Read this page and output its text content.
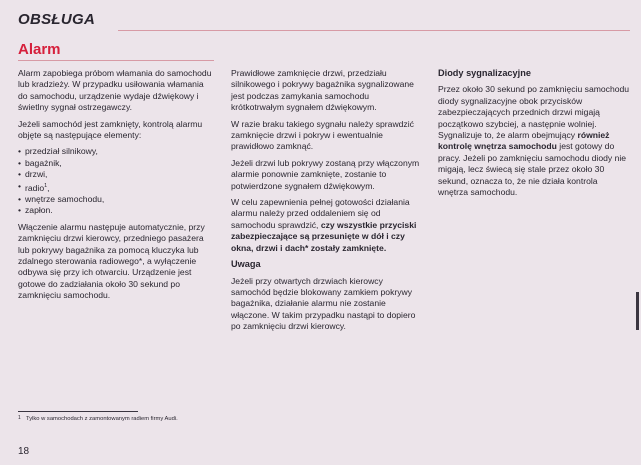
OBSŁUGA
Alarm

Alarm zapobiega próbom włamania do samochodu lub kradzieży. W przypadku usiłowania włamania do samochodu, urządzenie wydaje dźwiękowy i świetlny sygnał ostrzegawczy.

Jeżeli samochód jest zamknięty, kontrolą alarmu objęte są następujące elementy:

• przedział silnikowy,
• bagażnik,
• drzwi,
• radio$^1$,
• wnętrze samochodu,
• zapłon.

Włączenie alarmu następuje automatycznie, przy zamknięciu drzwi kierowcy, przedniego pasażera lub pokrywy bagażnika za pomocą kluczyka lub zdalnego sterowania radiowego*, a wyłączenie odbywa się przy ich otwarciu. Urządzenie jest gotowe do zadziałania około 30 sekund po zamknięciu samochodu.

Prawidłowe zamknięcie drzwi, przedziału silnikowego i pokrywy bagażnika sygnalizowane jest podczas zamykania samochodu krótkotrwałym sygnałem dźwiękowym.

W razie braku takiego sygnału należy sprawdzić zamknięcie drzwi i pokryw i ewentualnie prawidłowo zamknąć.

Jeżeli drzwi lub pokrywy zostaną przy włączonym alarmie ponownie zamknięte, zostanie to potwierdzone sygnałem dźwiękowym.

W celu zapewnienia pełnej gotowości działania alarmu należy przed oddaleniem się od samochodu sprawdzić, czy wszystkie przyciski zabezpieczające są przesunięte w dół i czy okna, drzwi i dach* zostały zamknięte.

Uwaga

Jeżeli przy otwartych drzwiach kierowcy samochód będzie blokowany zamkiem pokrywy bagażnika, działanie alarmu nie zostanie włączone. W takim przypadku nastąpi to dopiero po zamknięciu drzwi kierowcy.

Diody sygnalizacyjne

Przez około 30 sekund po zamknięciu samochodu diody sygnalizacyjne obok przycisków zabezpieczających przednich drzwi migają początkowo szybciej, a następnie wolniej. Sygnalizuje to, że alarm obejmujący również kontrolę wnętrza samochodu jest gotowy do pracy. Jeżeli po zamknięciu samochodu diody nie migają, lecz świecą się stale przez około 30 sekund, oznacza to, że nie działa kontrola wnętrza samochodu.

1 Tylko w samochodach z zamontowanym radiem firmy Audi.
18
